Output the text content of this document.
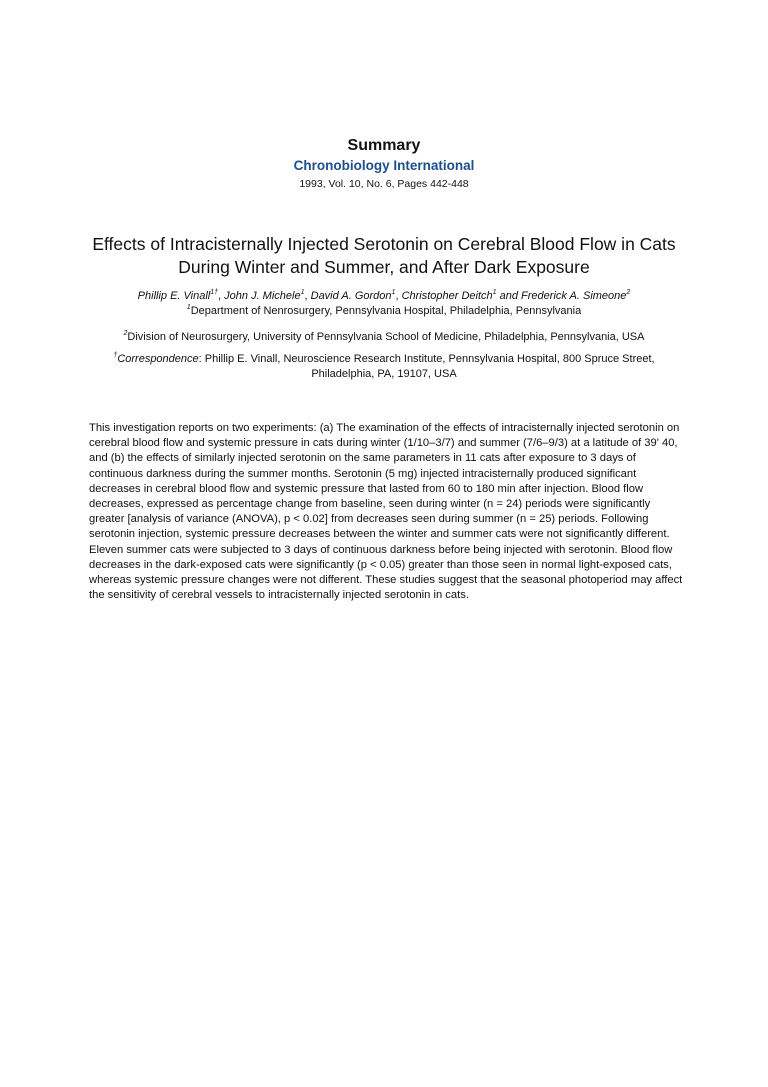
Summary
Chronobiology International
1993, Vol. 10, No. 6, Pages 442-448
Effects of Intracisternally Injected Serotonin on Cerebral Blood Flow in Cats During Winter and Summer, and After Dark Exposure
Phillip E. Vinall$^{1\dagger}$, John J. Michele$^1$, David A. Gordon$^1$, Christopher Deitch$^1$ and Frederick A. Simeone$^2$
$^1$Department of Nenrosurgery, Pennsylvania Hospital, Philadelphia, Pennsylvania
$^2$Division of Neurosurgery, University of Pennsylvania School of Medicine, Philadelphia, Pennsylvania, USA
†Correspondence: Phillip E. Vinall, Neuroscience Research Institute, Pennsylvania Hospital, 800 Spruce Street, Philadelphia, PA, 19107, USA
This investigation reports on two experiments: (a) The examination of the effects of intracisternally injected serotonin on cerebral blood flow and systemic pressure in cats during winter (1/10–3/7) and summer (7/6–9/3) at a latitude of 39' 40, and (b) the effects of similarly injected serotonin on the same parameters in 11 cats after exposure to 3 days of continuous darkness during the summer months. Serotonin (5 mg) injected intracisternally produced significant decreases in cerebral blood flow and systemic pressure that lasted from 60 to 180 min after injection. Blood flow decreases, expressed as percentage change from baseline, seen during winter (n = 24) periods were significantly greater [analysis of variance (ANOVA), p < 0.02] from decreases seen during summer (n = 25) periods. Following serotonin injection, systemic pressure decreases between the winter and summer cats were not significantly different. Eleven summer cats were subjected to 3 days of continuous darkness before being injected with serotonin. Blood flow decreases in the dark-exposed cats were significantly (p < 0.05) greater than those seen in normal light-exposed cats, whereas systemic pressure changes were not different. These studies suggest that the seasonal photoperiod may affect the sensitivity of cerebral vessels to intracisternally injected serotonin in cats.
